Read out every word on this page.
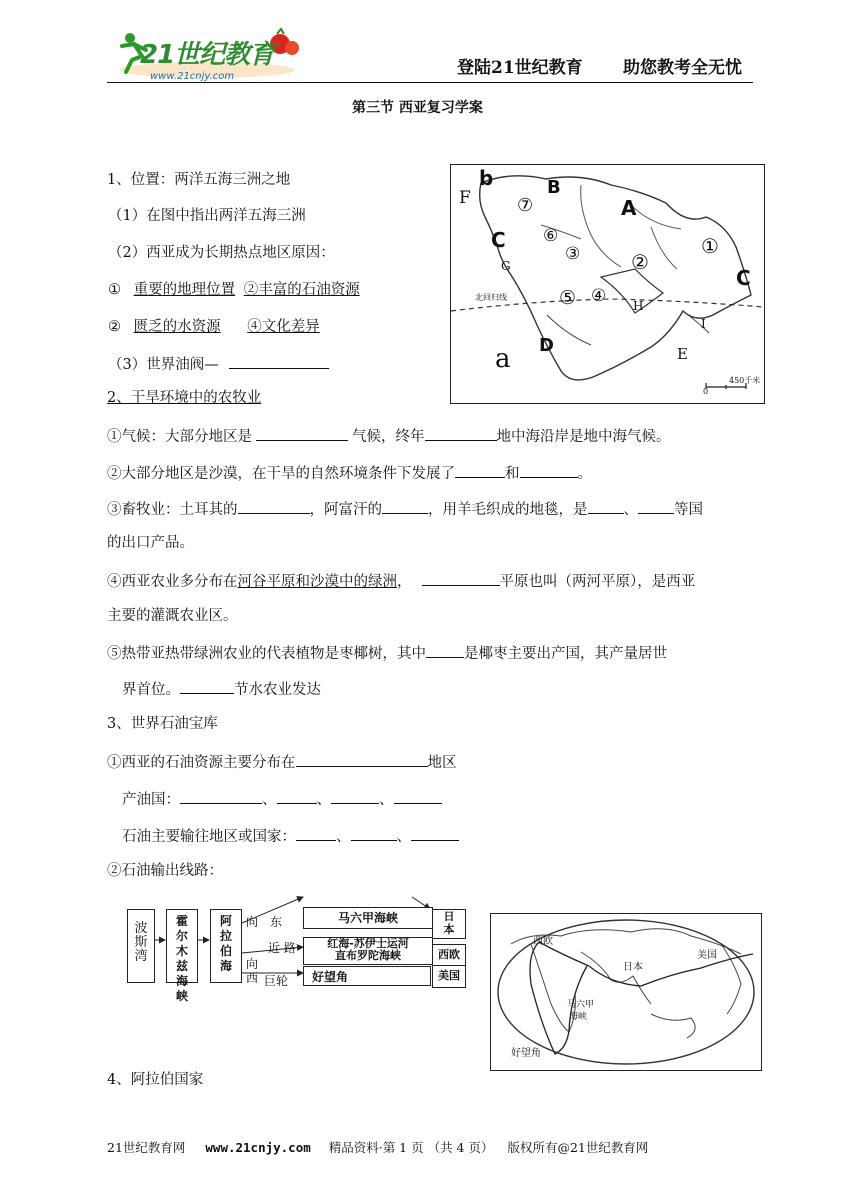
21世纪教育
www.21cnjy.com	登陆21世纪教育 助您教考全无忧
第三节 西亚复习学案
1、位置：两洋五海三洲之地
（1）在图中指出两洋五海三洲
（2）西亚成为长期热点地区原因：
① 重要的地理位置 ②丰富的石油资源
② 匮乏的水资源 ④文化差异
（3）世界油阀—
b
F	B
A
⑦
⑥
③	②
①
C
C
G
⑤ ④ H
I
a D	E
北回归线
0
450千米
2、干旱环境中的农牧业
①气候：大部分地区是	气候，终年	地中海沿岸是地中海气候。
②大部分地区是沙漠，在干旱的自然环境条件下发展了	和	。
③畜牧业：土耳其的	，阿富汗的	，用羊毛织成的地毯，是 、 等国
的出口产品。
④西亚农业多分布在河谷平原和沙漠中的绿洲，	平原也叫（两河平原），是西亚
主要的灌溉农业区。
⑤热带亚热带绿洲农业的代表植物是枣椰树，其中	是椰枣主要出产国，其产量居世
界首位。	节水农业发达
3、世界石油宝库
①西亚的石油资源主要分布在	地区
产油国：	、	、	、
石油主要输往地区或国家：	、	、
②石油输出线路：
波斯湾
霍尔木兹海峡
阿拉伯海
马六甲海峡
红海-苏伊士运河
直布罗陀海峡
好望角
日本
西欧
美国
向　东
近 路
向
西 巨轮
西欧
日本
美国
马六甲
海峡
好望角
4、阿拉伯国家
21世纪教育网 www.21cnjy.com 精品资料·第 1 页 （共 4 页） 版权所有@21世纪教育网
